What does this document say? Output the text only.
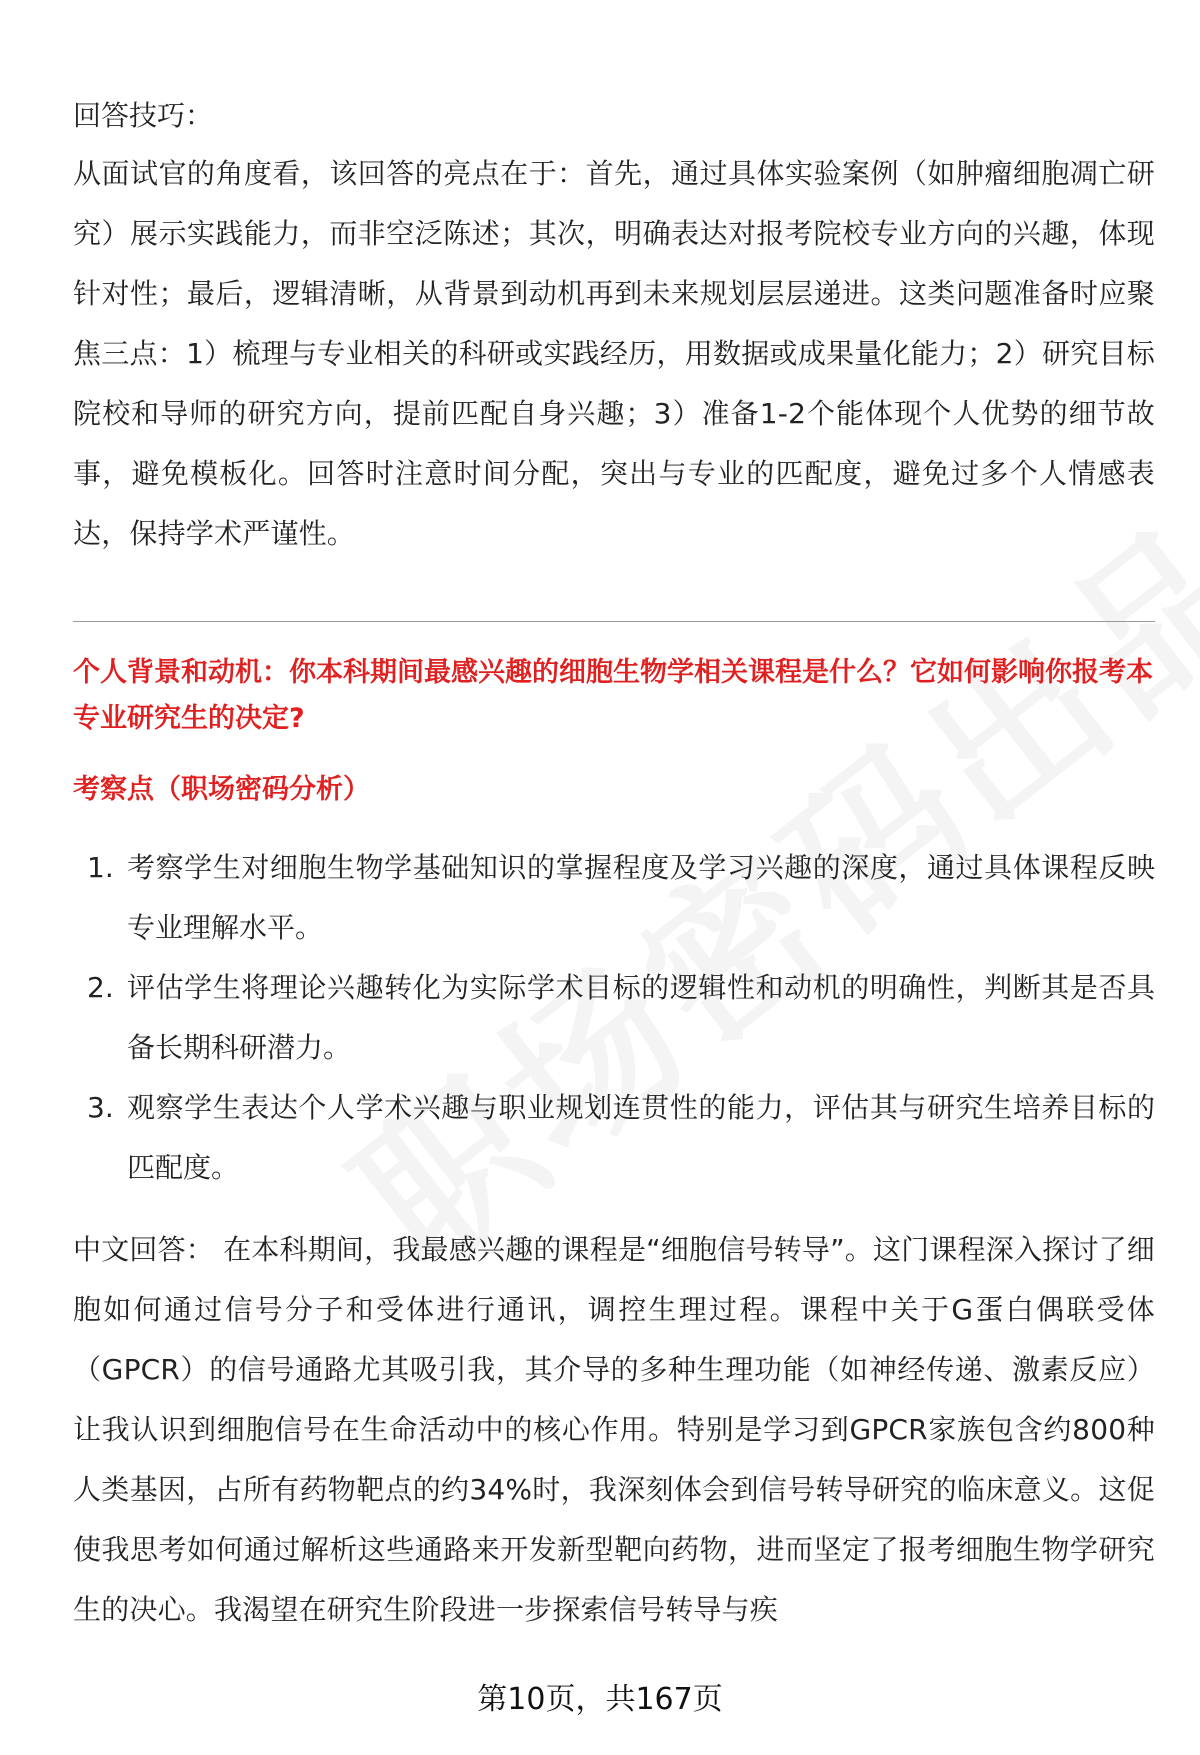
回答技巧：

从面试官的角度看，该回答的亮点在于：首先，通过具体实验案例（如肿瘤细胞凋亡研究）展示实践能力，而非空泛陈述；其次，明确表达对报考院校专业方向的兴趣，体现针对性；最后，逻辑清晰，从背景到动机再到未来规划层层递进。这类问题准备时应聚焦三点：1）梳理与专业相关的科研或实践经历，用数据或成果量化能力；2）研究目标院校和导师的研究方向，提前匹配自身兴趣；3）准备1-2个能体现个人优势的细节故事，避免模板化。回答时注意时间分配，突出与专业的匹配度，避免过多个人情感表达，保持学术严谨性。

个人背景和动机：你本科期间最感兴趣的细胞生物学相关课程是什么？它如何影响你报考本专业研究生的决定?

考察点（职场密码分析）

1. 考察学生对细胞生物学基础知识的掌握程度及学习兴趣的深度，通过具体课程反映专业理解水平。
2. 评估学生将理论兴趣转化为实际学术目标的逻辑性和动机的明确性，判断其是否具备长期科研潜力。
3. 观察学生表达个人学术兴趣与职业规划连贯性的能力，评估其与研究生培养目标的匹配度。

中文回答： 在本科期间，我最感兴趣的课程是“细胞信号转导”。这门课程深入探讨了细胞如何通过信号分子和受体进行通讯，调控生理过程。课程中关于G蛋白偶联受体（GPCR）的信号通路尤其吸引我，其介导的多种生理功能（如神经传递、激素反应）让我认识到细胞信号在生命活动中的核心作用。特别是学习到GPCR家族包含约800种人类基因，占所有药物靶点的约34%时，我深刻体会到信号转导研究的临床意义。这促使我思考如何通过解析这些通路来开发新型靶向药物，进而坚定了报考细胞生物学研究生的决心。我渴望在研究生阶段进一步探索信号转导与疾

第10页，共167页
